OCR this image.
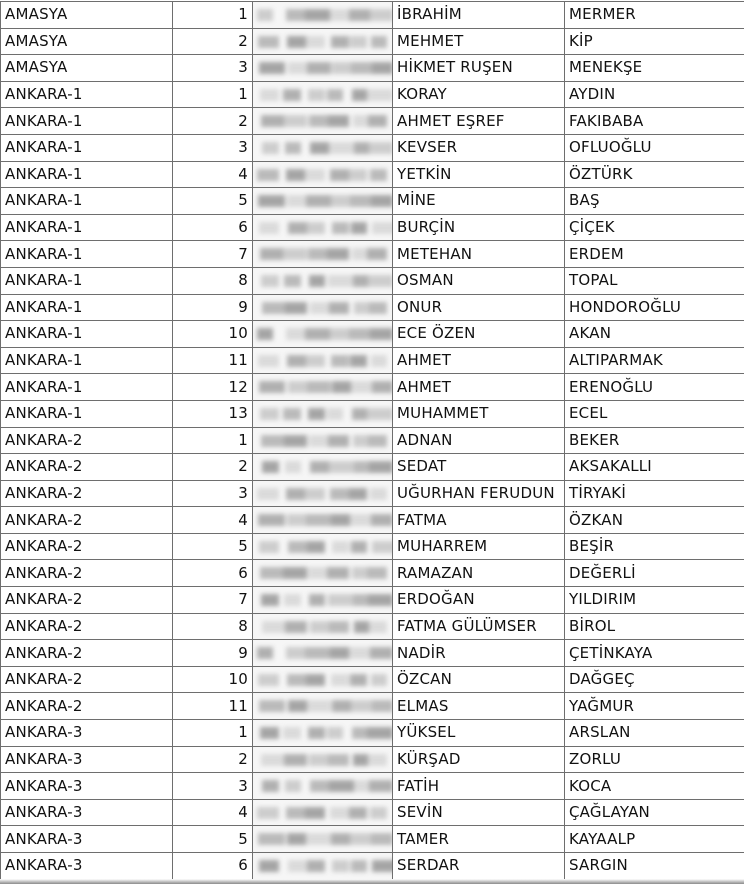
AMASYA	1		İBRAHİM	MERMER
AMASYA	2		MEHMET	KİP
AMASYA	3		HİKMET RUŞEN	MENEKŞE
ANKARA-1	1		KORAY	AYDIN
ANKARA-1	2		AHMET EŞREF	FAKIBABA
ANKARA-1	3		KEVSER	OFLUOĞLU
ANKARA-1	4		YETKİN	ÖZTÜRK
ANKARA-1	5		MİNE	BAŞ
ANKARA-1	6		BURÇİN	ÇİÇEK
ANKARA-1	7		METEHAN	ERDEM
ANKARA-1	8		OSMAN	TOPAL
ANKARA-1	9		ONUR	HONDOROĞLU
ANKARA-1	10		ECE ÖZEN	AKAN
ANKARA-1	11		AHMET	ALTIPARMAK
ANKARA-1	12		AHMET	ERENOĞLU
ANKARA-1	13		MUHAMMET	ECEL
ANKARA-2	1		ADNAN	BEKER
ANKARA-2	2		SEDAT	AKSAKALLI
ANKARA-2	3		UĞURHAN FERUDUN	TİRYAKİ
ANKARA-2	4		FATMA	ÖZKAN
ANKARA-2	5		MUHARREM	BEŞİR
ANKARA-2	6		RAMAZAN	DEĞERLİ
ANKARA-2	7		ERDOĞAN	YILDIRIM
ANKARA-2	8		FATMA GÜLÜMSER	BİROL
ANKARA-2	9		NADİR	ÇETİNKAYA
ANKARA-2	10		ÖZCAN	DAĞGEÇ
ANKARA-2	11		ELMAS	YAĞMUR
ANKARA-3	1		YÜKSEL	ARSLAN
ANKARA-3	2		KÜRŞAD	ZORLU
ANKARA-3	3		FATİH	KOCA
ANKARA-3	4		SEVİN	ÇAĞLAYAN
ANKARA-3	5		TAMER	KAYAALP
ANKARA-3	6		SERDAR	SARGIN
